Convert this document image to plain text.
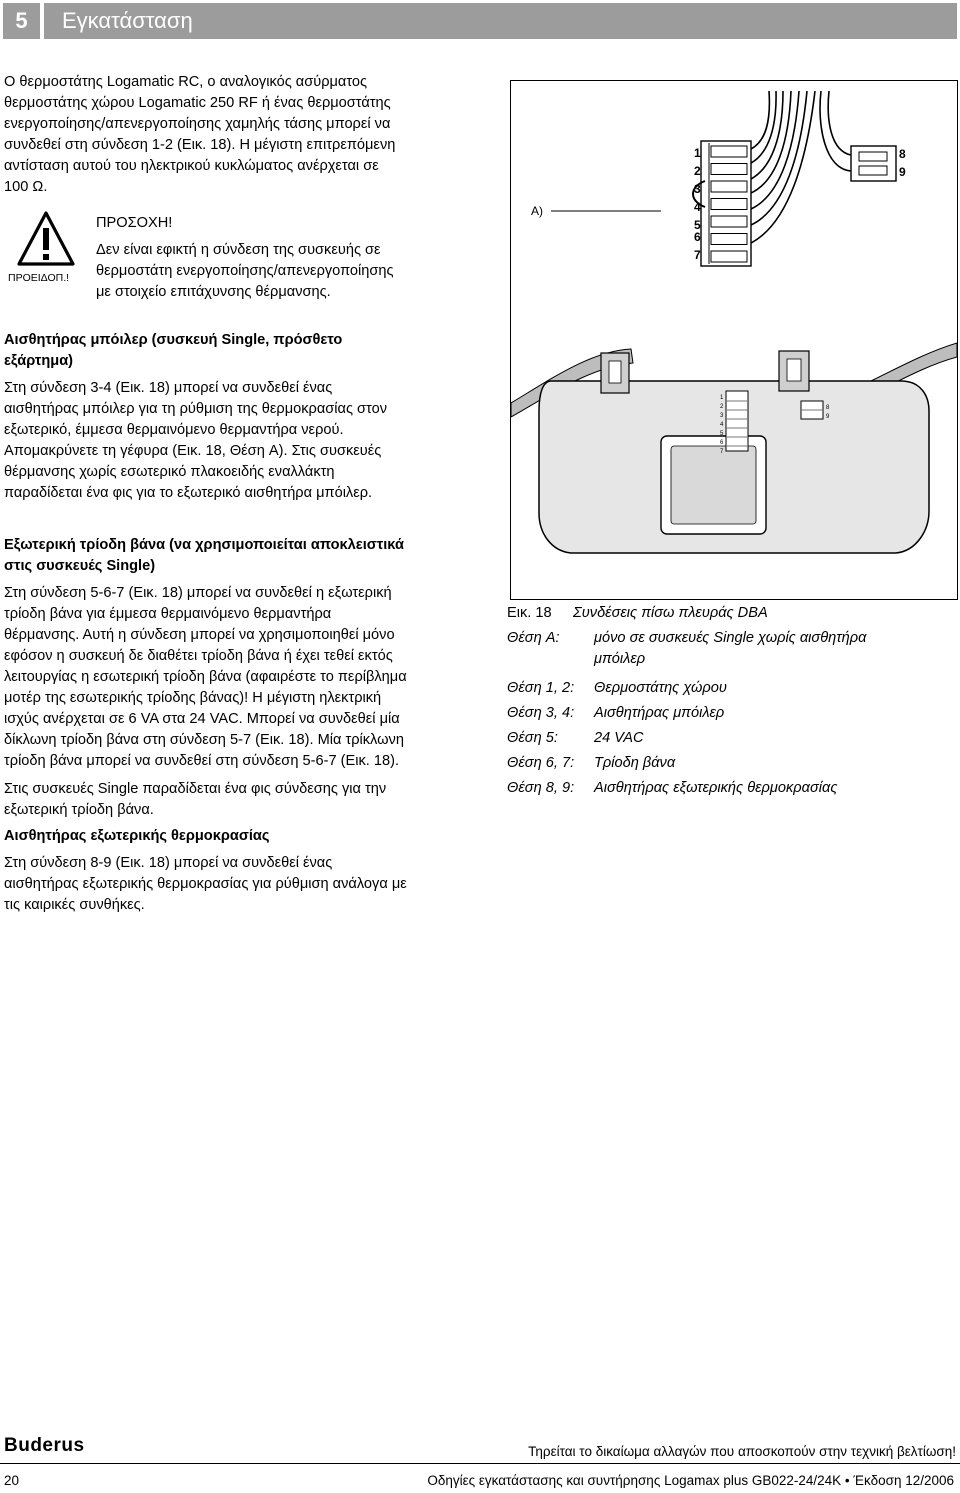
5	Εγκατάσταση
Ο θερμοστάτης Logamatic RC, ο αναλογικός ασύρματος
θερμοστάτης χώρου Logamatic 250 RF ή ένας θερμοστάτης
ενεργοποίησης/απενεργοποίησης χαμηλής τάσης μπορεί να
συνδεθεί στη σύνδεση 1-2 (Εικ. 18). Η μέγιστη επιτρεπόμενη
αντίσταση αυτού του ηλεκτρικού κυκλώματος ανέρχεται σε
100 Ω.
ΠΡΟΕΙΔΟΠ.!
ΠΡΟΣΟΧΗ!
Δεν είναι εφικτή η σύνδεση της συσκευής σε
θερμοστάτη ενεργοποίησης/απενεργοποίησης
με στοιχείο επιτάχυνσης θέρμανσης.
Αισθητήρας μπόιλερ (συσκευή Single, πρόσθετο
εξάρτημα)
Στη σύνδεση 3-4 (Εικ. 18) μπορεί να συνδεθεί ένας
αισθητήρας μπόιλερ για τη ρύθμιση της θερμοκρασίας στον
εξωτερικό, έμμεσα θερμαινόμενο θερμαντήρα νερού.
Απομακρύνετε τη γέφυρα (Εικ. 18, Θέση A). Στις συσκευές
θέρμανσης χωρίς εσωτερικό πλακοειδής εναλλάκτη
παραδίδεται ένα φις για το εξωτερικό αισθητήρα μπόιλερ.
Εξωτερική τρίοδη βάνα (να χρησιμοποιείται αποκλειστικά
στις συσκευές Single)
Στη σύνδεση 5-6-7 (Εικ. 18) μπορεί να συνδεθεί η εξωτερική
τρίοδη βάνα για έμμεσα θερμαινόμενο θερμαντήρα
θέρμανσης. Αυτή η σύνδεση μπορεί να χρησιμοποιηθεί μόνο
εφόσον η συσκευή δε διαθέτει τρίοδη βάνα ή έχει τεθεί εκτός
λειτουργίας η εσωτερική τρίοδη βάνα (αφαιρέστε το περίβλημα
μοτέρ της εσωτερικής τρίοδης βάνας)! Η μέγιστη ηλεκτρική
ισχύς ανέρχεται σε 6 VA στα 24 VAC. Μπορεί να συνδεθεί μία
δίκλωνη τρίοδη βάνα στη σύνδεση 5-7 (Εικ. 18). Μία τρίκλωνη
τρίοδη βάνα μπορεί να συνδεθεί στη σύνδεση 5-6-7 (Εικ. 18).
Στις συσκευές Single παραδίδεται ένα φις σύνδεσης για την
εξωτερική τρίοδη βάνα.
Αισθητήρας εξωτερικής θερμοκρασίας
Στη σύνδεση 8-9 (Εικ. 18) μπορεί να συνδεθεί ένας
αισθητήρας εξωτερικής θερμοκρασίας για ρύθμιση ανάλογα με
τις καιρικές συνθήκες.
A)
1
2
3
4
5
6
7
8
9
1
2
3
4
5
6
7
8
9
Εικ. 18 Συνδέσεις πίσω πλευράς DBA
Θέση A: μόνο σε συσκευές Single χωρίς αισθητήρα
μπόιλερ
Θέση 1, 2: Θερμοστάτης χώρου
Θέση 3, 4: Αισθητήρας μπόιλερ
Θέση 5: 24 VAC
Θέση 6, 7: Τρίοδη βάνα
Θέση 8, 9: Αισθητήρας εξωτερικής θερμοκρασίας
Buderus	Τηρείται το δικαίωμα αλλαγών που αποσκοπούν στην τεχνική βελτίωση!
20	Οδηγίες εγκατάστασης και συντήρησης Logamax plus GB022-24/24K • Έκδοση 12/2006
